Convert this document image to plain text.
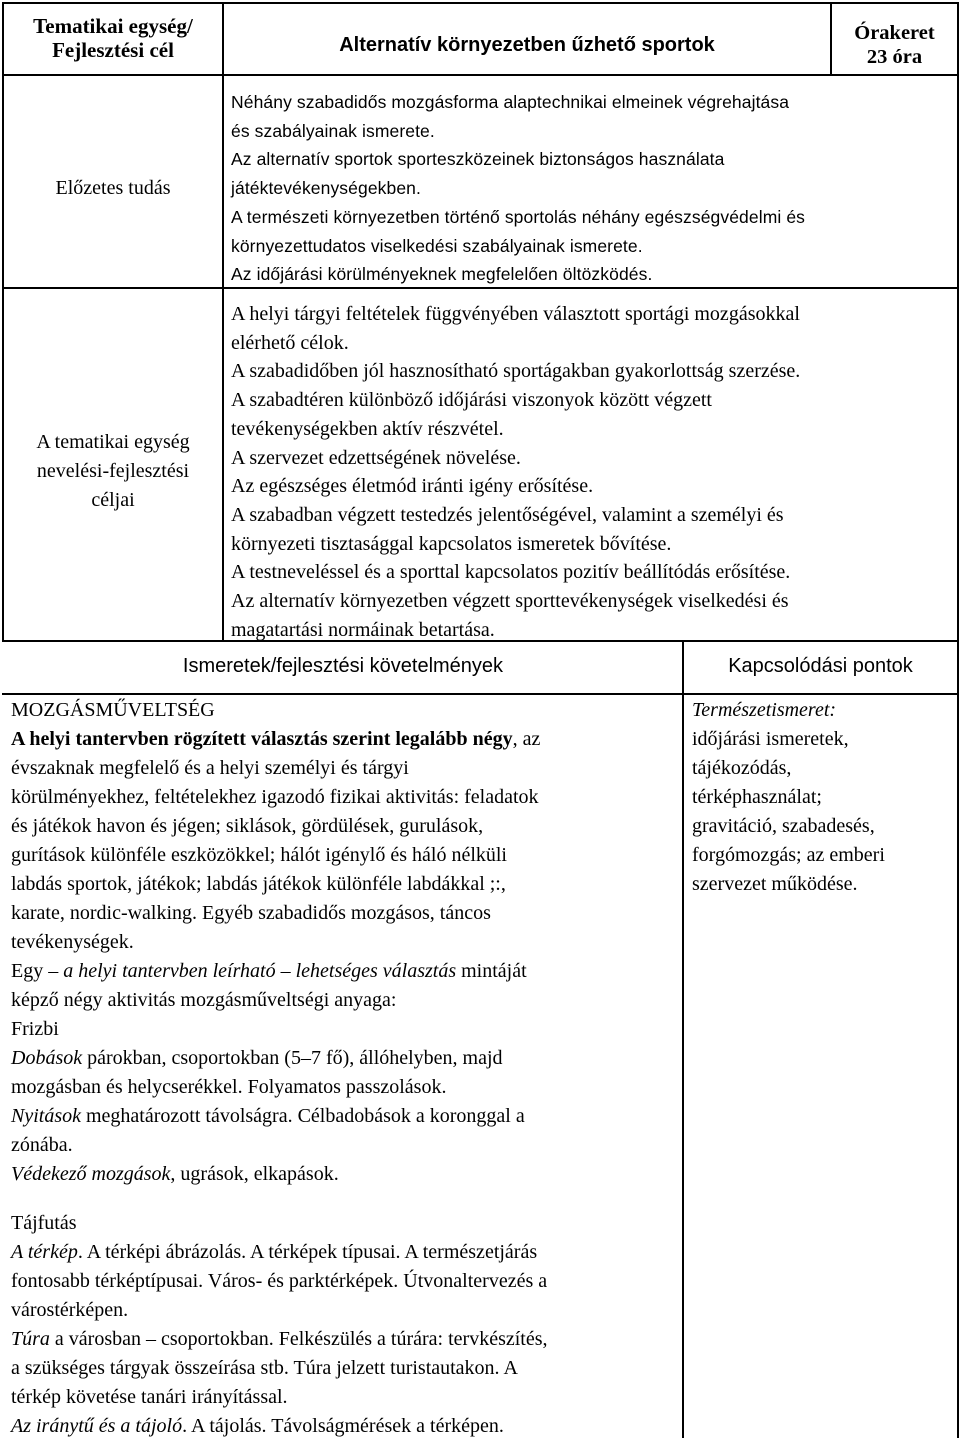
Tematikai egység/
Fejlesztési cél	Alternatív környezetben űzhető sportok
Órakeret
23 óra
Előzetes tudás
Néhány szabadidős mozgásforma alaptechnikai elmeinek végrehajtása
és szabályainak ismerete.
Az alternatív sportok sporteszközeinek biztonságos használata
játéktevékenységekben.
A természeti környezetben történő sportolás néhány egészségvédelmi és
környezettudatos viselkedési szabályainak ismerete.
Az időjárási körülményeknek megfelelően öltözködés.
A tematikai egység
nevelési-fejlesztési
céljai
A helyi tárgyi feltételek függvényében választott sportági mozgásokkal
elérhető célok.
A szabadidőben jól hasznosítható sportágakban gyakorlottság szerzése.
A szabadtéren különböző időjárási viszonyok között végzett
tevékenységekben aktív részvétel.
A szervezet edzettségének növelése.
Az egészséges életmód iránti igény erősítése.
A szabadban végzett testedzés jelentőségével, valamint a személyi és
környezeti tisztasággal kapcsolatos ismeretek bővítése.
A testneveléssel és a sporttal kapcsolatos pozitív beállítódás erősítése.
Az alternatív környezetben végzett sporttevékenységek viselkedési és
magatartási normáinak betartása.
Ismeretek/fejlesztési követelmények	Kapcsolódási pontok
MOZGÁSMŰVELTSÉG
A helyi tantervben rögzített választás szerint legalább négy, az
évszaknak megfelelő és a helyi személyi és tárgyi
körülményekhez, feltételekhez igazodó fizikai aktivitás: feladatok
és játékok havon és jégen; siklások, gördülések, gurulások,
gurítások különféle eszközökkel; hálót igénylő és háló nélküli
labdás sportok, játékok; labdás játékok különféle labdákkal ;:,
karate, nordic-walking. Egyéb szabadidős mozgásos, táncos
tevékenységek.
Egy – a helyi tantervben leírható – lehetséges választás mintáját
képző négy aktivitás mozgásműveltségi anyaga:
Frizbi
Dobások párokban, csoportokban (5–7 fő), állóhelyben, majd
mozgásban és helycserékkel. Folyamatos passzolások.
Nyitások meghatározott távolságra. Célbadobások a koronggal a
zónába.
Védekező mozgások, ugrások, elkapások.
Tájfutás
A térkép. A térképi ábrázolás. A térképek típusai. A természetjárás
fontosabb térképtípusai. Város- és parktérképek. Útvonaltervezés a
várostérképen.
Túra a városban – csoportokban. Felkészülés a túrára: tervkészítés,
a szükséges tárgyak összeírása stb. Túra jelzett turistautakon. A
térkép követése tanári irányítással.
Az iránytű és a tájoló. A tájolás. Távolságmérések a térképen.
Természetismeret:
időjárási ismeretek,
tájékozódás,
térképhasználat;
gravitáció, szabadesés,
forgómozgás; az emberi
szervezet működése.
